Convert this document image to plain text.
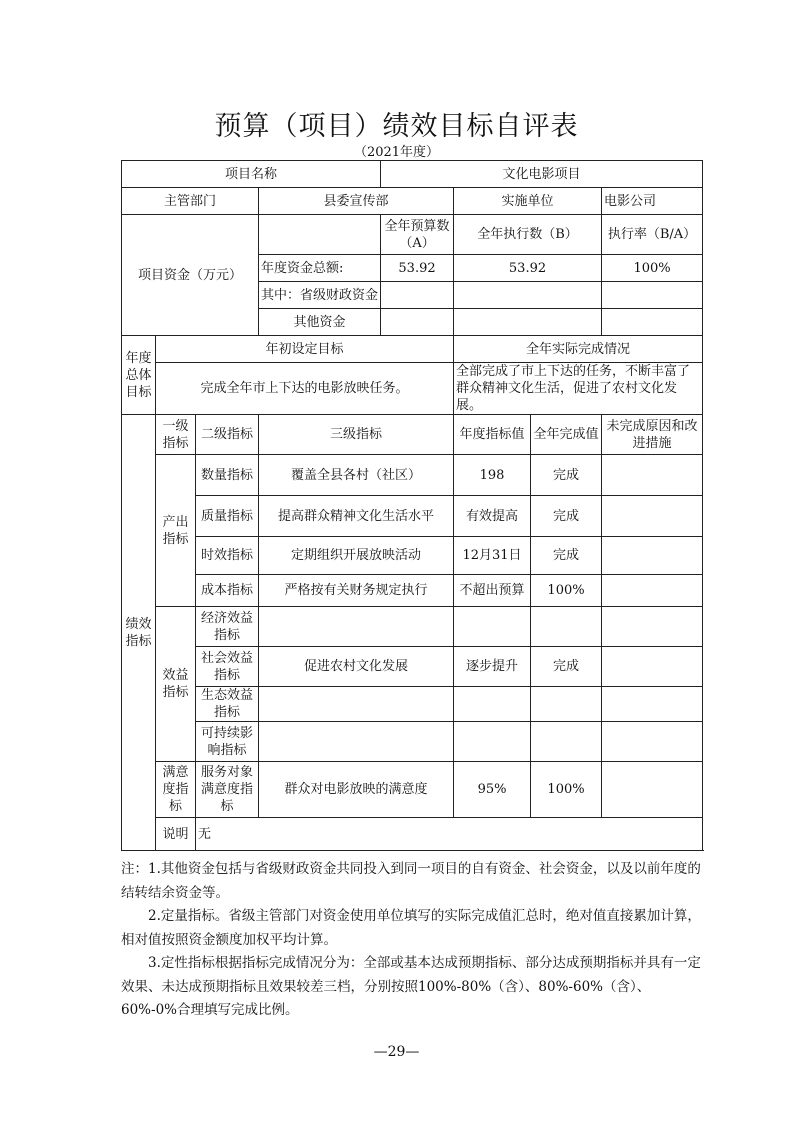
预算（项目）绩效目标自评表
（2021年度）
项目名称				文化电影项目			
主管部门			县委宣传部		实施单位		电影公司
项目资金（万元）				全年预算数（A）	全年执行数（B）		执行率（B/A）
			年度资金总额:	53.92	53.92		100%
			其中：省级财政资金				
			其他资金				
年度总体目标	年初设定目标				全年实际完成情况		
	完成全年市上下达的电影放映任务。				全部完成了市上下达的任务，不断丰富了群众精神文化生活，促进了农村文化发展。		
绩效指标	一级指标	二级指标	三级指标		年度指标值	全年完成值	未完成原因和改进措施
	产出指标	数量指标	覆盖全县各村（社区）		198	完成	
		质量指标	提高群众精神文化生活水平		有效提高	完成	
		时效指标	定期组织开展放映活动		12月31日	完成	
		成本指标	严格按有关财务规定执行		不超出预算	100%	
	效益指标	经济效益指标					
		社会效益指标	促进农村文化发展		逐步提升	完成	
		生态效益指标					
		可持续影响指标					
	满意度指标	服务对象满意度指标	群众对电影放映的满意度		95%	100%	
	说明	无					

注：1.其他资金包括与省级财政资金共同投入到同一项目的自有资金、社会资金，以及以前年度的结转结余资金等。

2.定量指标。省级主管部门对资金使用单位填写的实际完成值汇总时，绝对值直接累加计算，相对值按照资金额度加权平均计算。

3.定性指标根据指标完成情况分为：全部或基本达成预期指标、部分达成预期指标并具有一定效果、未达成预期指标且效果较差三档，分别按照100%-80%（含）、80%-60%（含）、60%-0%合理填写完成比例。

—29—
